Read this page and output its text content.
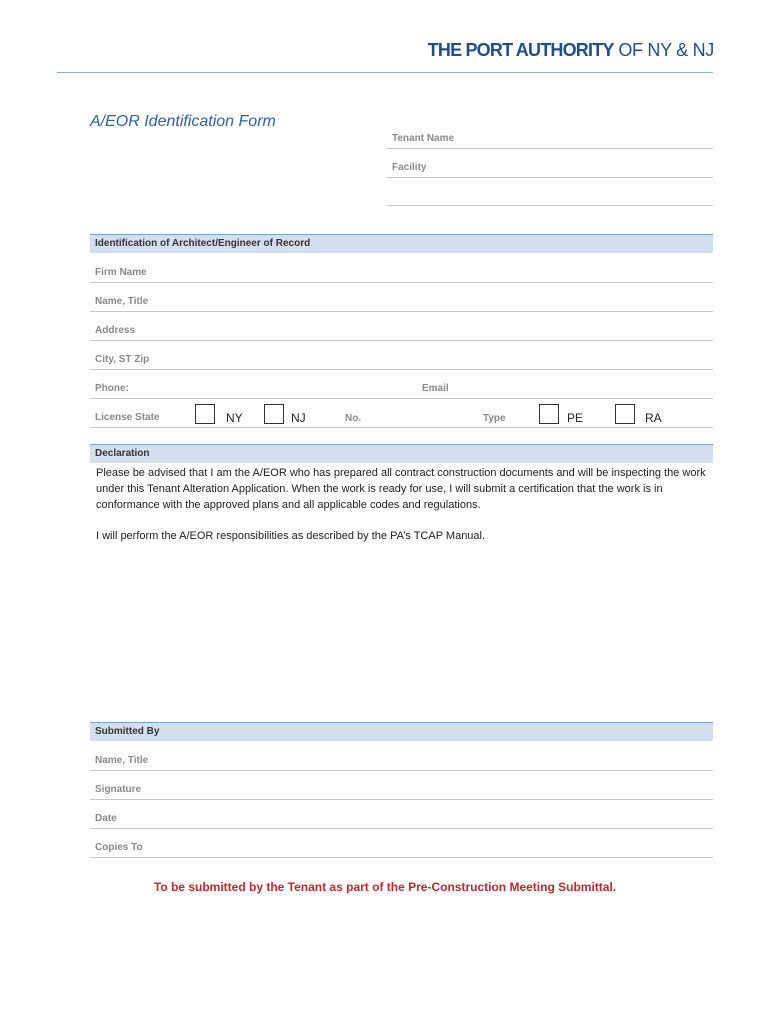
THE PORT AUTHORITY OF NY & NJ
A/EOR Identification Form
Tenant Name
Facility
Identification of Architect/Engineer of Record
Firm Name
Name, Title
Address
City, ST Zip
Phone:	Email
License State	NY	NJ	No.	Type	PE	RA
Declaration
Please be advised that I am the A/EOR who has prepared all contract construction documents and will be inspecting the work under this Tenant Alteration Application. When the work is ready for use, I will submit a certification that the work is in conformance with the approved plans and all applicable codes and regulations.
I will perform the A/EOR responsibilities as described by the PA’s TCAP Manual.
Submitted By
Name, Title
Signature
Date
Copies To
To be submitted by the Tenant as part of the Pre-Construction Meeting Submittal.
